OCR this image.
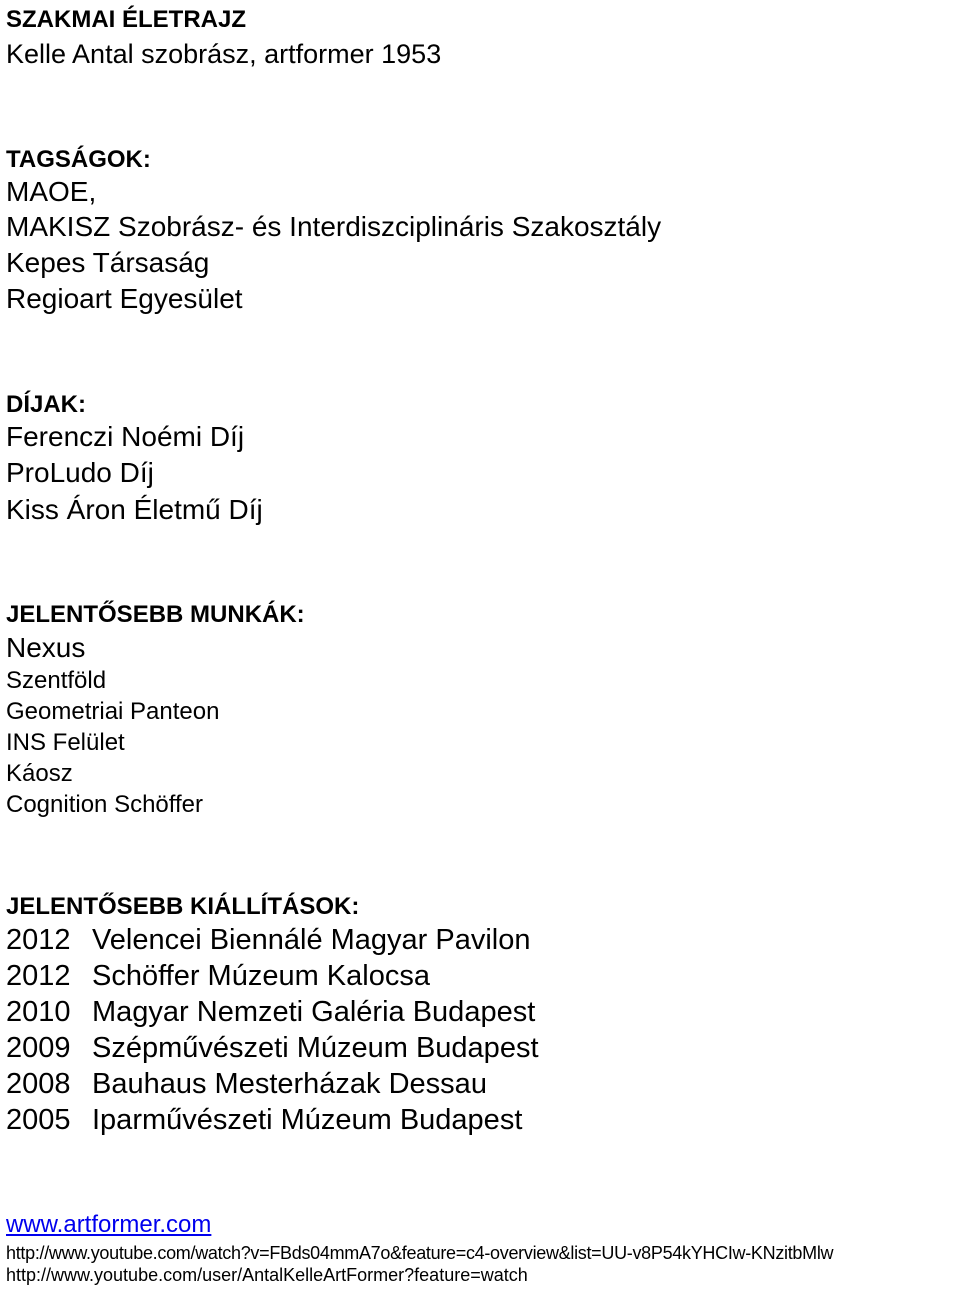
SZAKMAI ÉLETRAJZ
Kelle Antal szobrász, artformer 1953
TAGSÁGOK:
MAOE,
MAKISZ Szobrász- és Interdiszciplináris Szakosztály
Kepes Társaság
Regioart Egyesület
DÍJAK:
Ferenczi Noémi Díj
ProLudo Díj
Kiss Áron Életmű Díj
JELENTŐSEBB MUNKÁK:
Nexus
Szentföld
Geometriai Panteon
INS Felület
Káosz
Cognition Schöffer
JELENTŐSEBB KIÁLLÍTÁSOK:
2012 Velencei Biennálé Magyar Pavilon
2012 Schöffer Múzeum Kalocsa
2010 Magyar Nemzeti Galéria Budapest
2009 Szépművészeti Múzeum Budapest
2008 Bauhaus Mesterházak Dessau
2005 Iparművészeti Múzeum Budapest
www.artformer.com
http://www.youtube.com/watch?v=FBds04mmA7o&feature=c4-overview&list=UU-v8P54kYHCIw-KNzitbMlw
http://www.youtube.com/user/AntalKelleArtFormer?feature=watch
